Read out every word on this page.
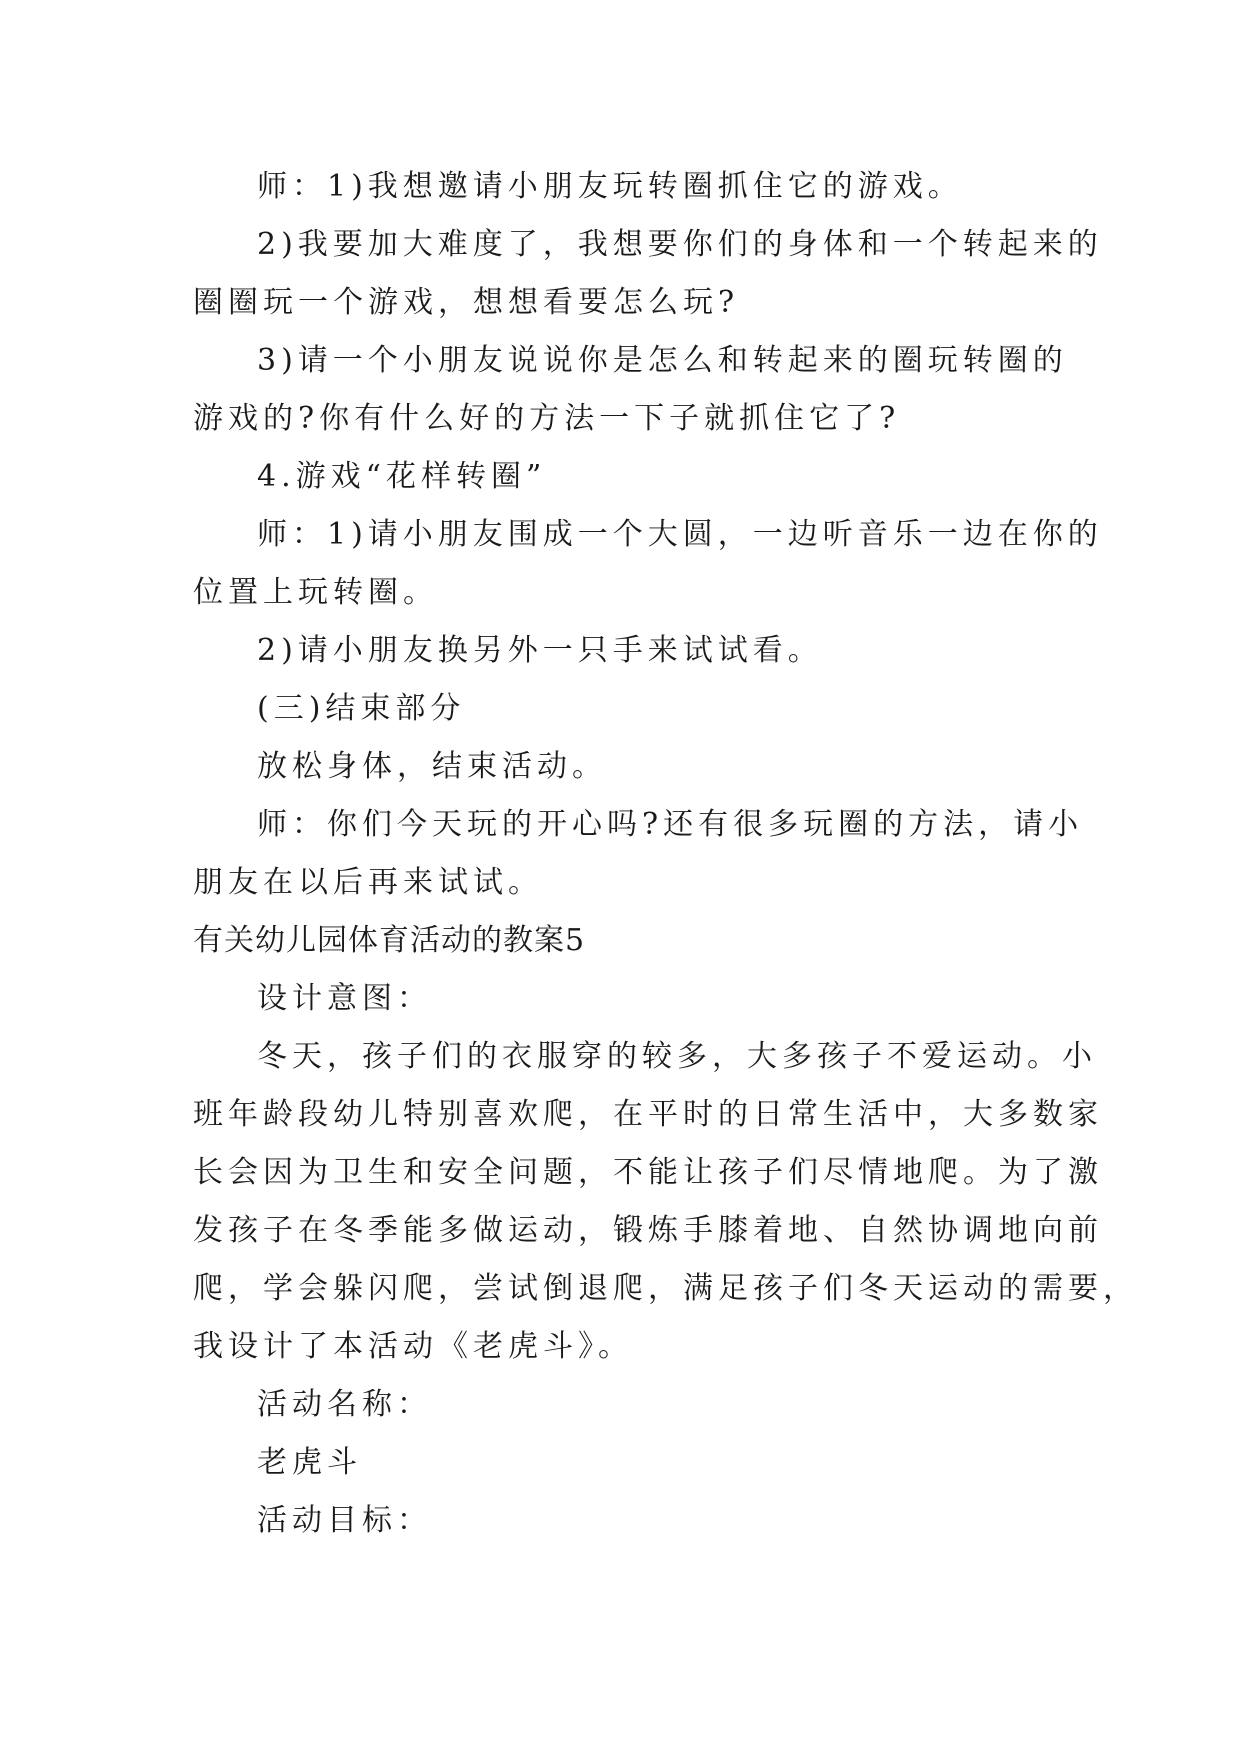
师：1)我想邀请小朋友玩转圈抓住它的游戏。
2)我要加大难度了，我想要你们的身体和一个转起来的
圈圈玩一个游戏，想想看要怎么玩?
3)请一个小朋友说说你是怎么和转起来的圈玩转圈的
游戏的?你有什么好的方法一下子就抓住它了?
4.游戏“花样转圈”
师：1)请小朋友围成一个大圆，一边听音乐一边在你的
位置上玩转圈。
2)请小朋友换另外一只手来试试看。
(三)结束部分
放松身体，结束活动。
师：你们今天玩的开心吗?还有很多玩圈的方法，请小
朋友在以后再来试试。
有关幼儿园体育活动的教案5
设计意图：
冬天，孩子们的衣服穿的较多，大多孩子不爱运动。小
班年龄段幼儿特别喜欢爬，在平时的日常生活中，大多数家
长会因为卫生和安全问题，不能让孩子们尽情地爬。为了激
发孩子在冬季能多做运动，锻炼手膝着地、自然协调地向前
爬，学会躲闪爬，尝试倒退爬，满足孩子们冬天运动的需要，
我设计了本活动《老虎斗》。
活动名称：
老虎斗
活动目标：
